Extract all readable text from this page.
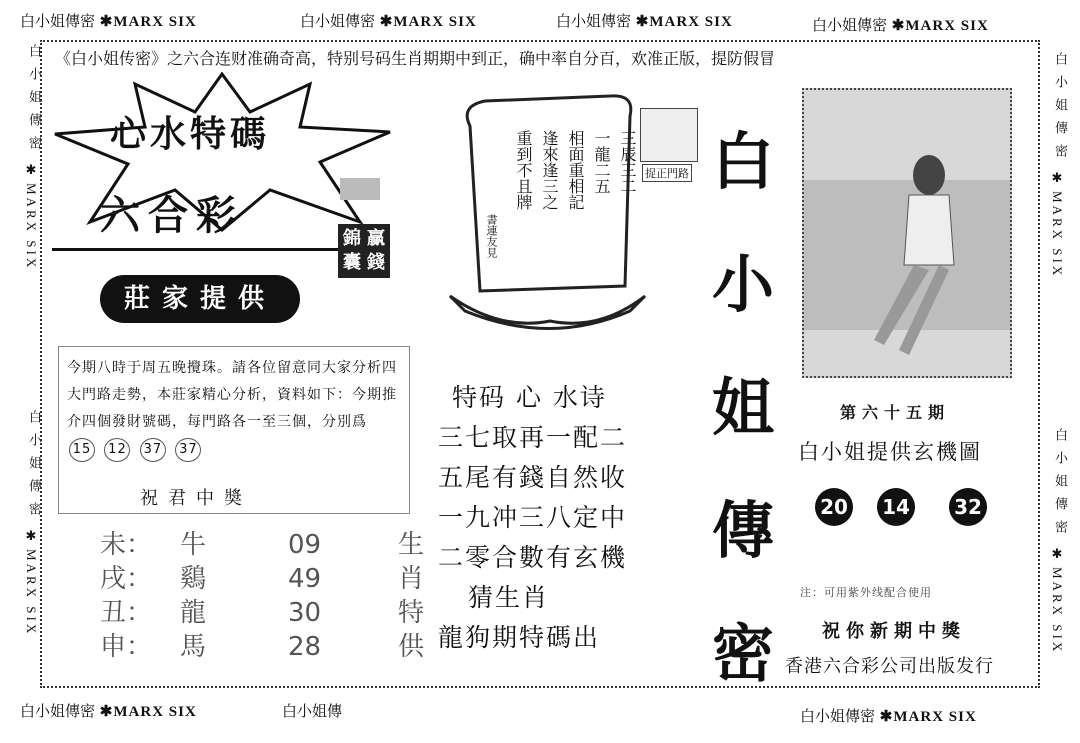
白小姐傳密 ✱MARX SIX	白小姐傳密 ✱MARX SIX	白小姐傳密 ✱MARX SIX	白小姐傳密 ✱MARX SIX
白小姐傳密 ✱MARX SIX	白小姐傳	白小姐傳密 ✱MARX SIX
白小姐傳密
✱
MARX SIX
白小姐傳密
✱
MARX SIX
白小姐傳密
✱
MARX SIX
白小姐傳密
✱
MARX SIX
《白小姐传密》之六合连财准确奇高，特别号码生肖期期中到正，确中率自分百，欢准正版，提防假冒
心水特碼
六合彩	錦囊
贏錢
莊家提供

今期八時于周五晚攪珠。請各位留意同大家分析四大門路走勢，本莊家精心分析，資料如下：今期推介四個發財號碼，每門路各一至三個，分別爲 15 12 37 37

祝君中奬
未： 牛	09	生
戌： 鷄	49	肖
丑： 龍	30	特
申： 馬	28	供
三辰三二
一龍二五
相面重相記
逢來逢三之
重到不且牌
書連友見
捉正門路
特码 心 水诗
三七取再一配二
五尾有錢自然收
一九冲三八定中
二零合數有玄機
猜生肖
龍狗期特碼出
白
小
姐
傳
密
第六十五期
白小姐提供玄機圖
20 14 32
注：可用紫外线配合使用
祝你新期中獎
香港六合彩公司出版发行
